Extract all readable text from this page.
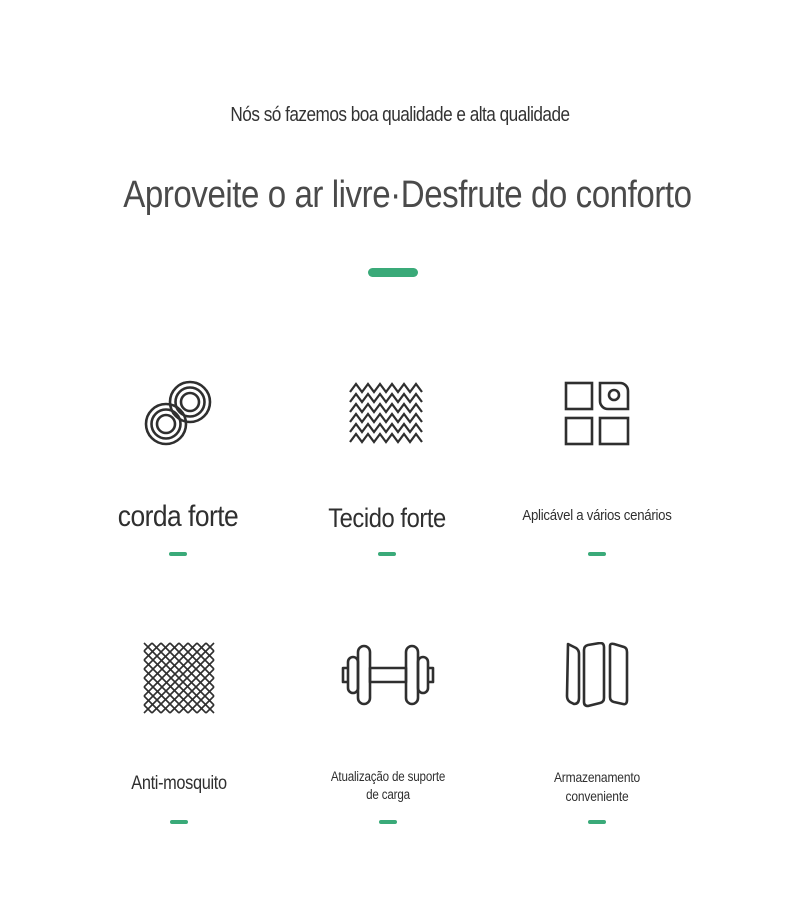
Nós só fazemos boa qualidade e alta qualidade
Aproveite o ar livre·Desfrute do conforto
corda forte	Tecido forte	Aplicável a vários cenários
Anti-mosquito	Atualização de suporte de carga
Armazenamento conveniente
